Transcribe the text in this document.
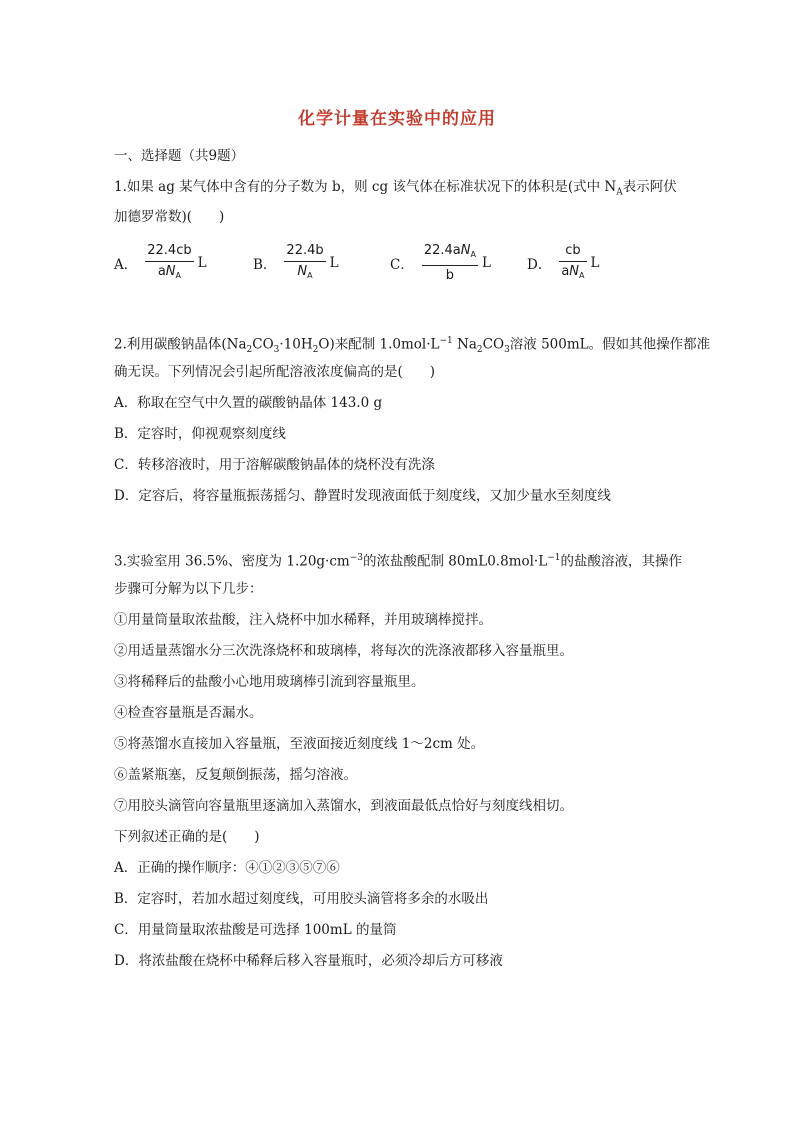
化学计量在实验中的应用
一、选择题（共9题）
1.如果 ag 某气体中含有的分子数为 b，则 cg 该气体在标准状况下的体积是(式中 $N_A$表示阿伏
加德罗常数)(　　)
A． $\frac{22.4cb}{aN_A}$ L	B． $\frac{22.4b}{N_A}$ L	C． $\frac{22.4aN_A}{b}$ L	D． $\frac{cb}{aN_A}$ L
2.利用碳酸钠晶体$(Na_2CO_3\cdot 10H_2O)$来配制 $1.0mol\cdot L^{-1}$ $Na_2CO_3$溶液 500mL。假如其他操作都准
确无误。下列情况会引起所配溶液浓度偏高的是(　　)
A．称取在空气中久置的碳酸钠晶体 143.0 g
B．定容时，仰视观察刻度线
C．转移溶液时，用于溶解碳酸钠晶体的烧杯没有洗涤
D．定容后，将容量瓶振荡摇匀、静置时发现液面低于刻度线，又加少量水至刻度线
3.实验室用 36.5%、密度为 $1.20g\cdot cm^{-3}$的浓盐酸配制 $80mL0.8mol\cdot L^{-1}$的盐酸溶液，其操作
步骤可分解为以下几步：
①用量筒量取浓盐酸，注入烧杯中加水稀释，并用玻璃棒搅拌。
②用适量蒸馏水分三次洗涤烧杯和玻璃棒，将每次的洗涤液都移入容量瓶里。
③将稀释后的盐酸小心地用玻璃棒引流到容量瓶里。
④检查容量瓶是否漏水。
⑤将蒸馏水直接加入容量瓶，至液面接近刻度线 1～2cm 处。
⑥盖紧瓶塞，反复颠倒振荡，摇匀溶液。
⑦用胶头滴管向容量瓶里逐滴加入蒸馏水，到液面最低点恰好与刻度线相切。
下列叙述正确的是(　　)
A．正确的操作顺序：④①②③⑤⑦⑥
B．定容时，若加水超过刻度线，可用胶头滴管将多余的水吸出
C．用量筒量取浓盐酸是可选择 100mL 的量筒
D．将浓盐酸在烧杯中稀释后移入容量瓶时，必须冷却后方可移液
